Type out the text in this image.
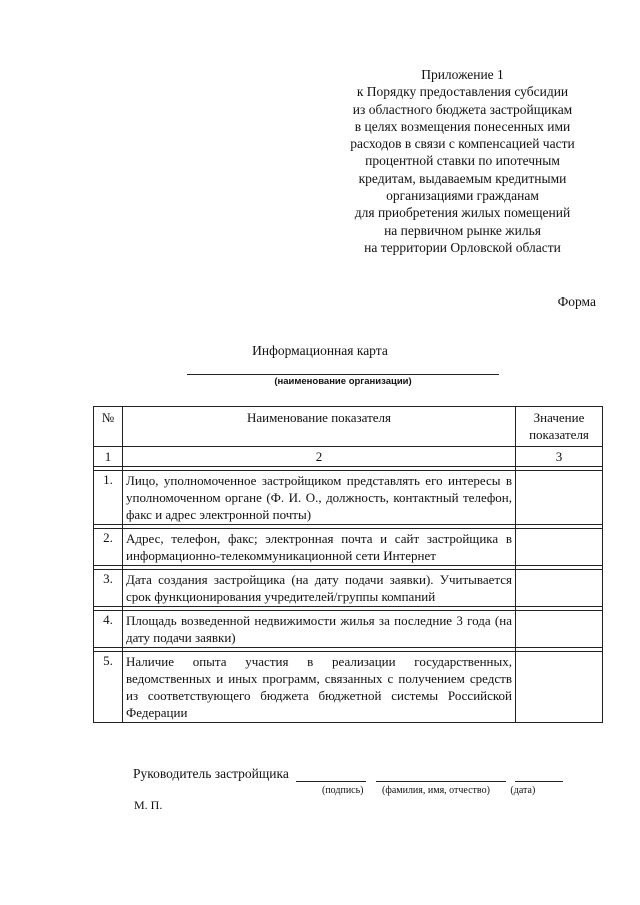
Приложение 1
к Порядку предоставления субсидии
из областного бюджета застройщикам
в целях возмещения понесенных ими
расходов в связи с компенсацией части
процентной ставки по ипотечным
кредитам, выдаваемым кредитными
организациями гражданам
для приобретения жилых помещений
на первичном рынке жилья
на территории Орловской области
Форма
Информационная карта
(наименование организации)
№	Наименование показателя	Значение показателя
1	2	3

1.	Лицо, уполномоченное застройщиком представлять его интересы в уполномоченном органе (Ф. И. О., должность, контактный телефон, факс и адрес электронной почты)	

2.	Адрес, телефон, факс; электронная почта и сайт застройщика в информационно-телекоммуникационной сети Интернет	

3.	Дата создания застройщика (на дату подачи заявки). Учитывается срок функционирования учредителей/группы компаний	

4.	Площадь возведенной недвижимости жилья за последние 3 года (на дату подачи заявки)	

5.	Наличие опыта участия в реализации государственных, ведомственных и иных программ, связанных с получением средств из соответствующего бюджета бюджетной системы Российской Федерации	
Руководитель застройщика
(подпись) (фамилия, имя, отчество) (дата)
М. П.
